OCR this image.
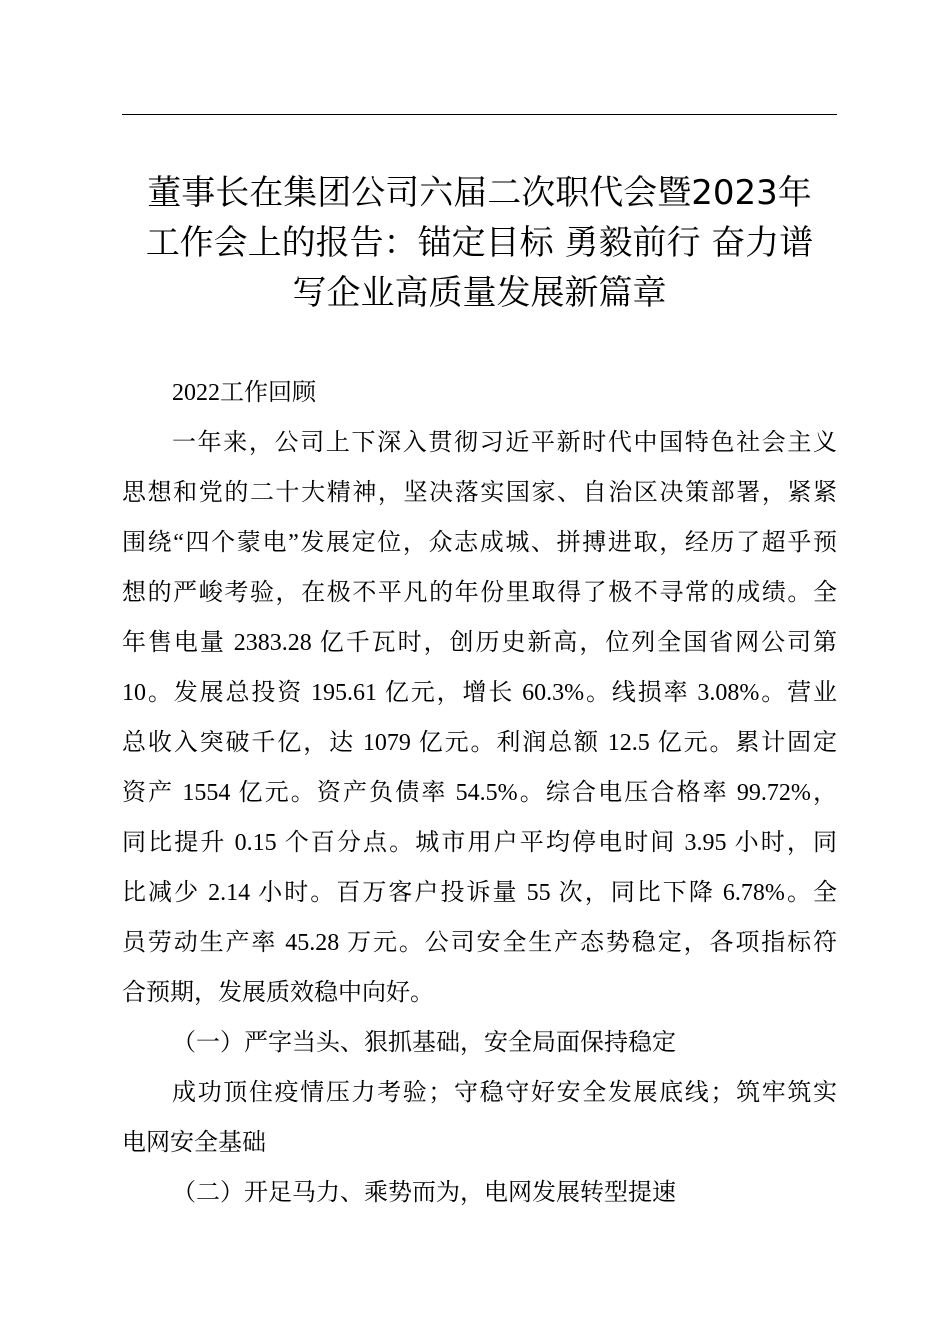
董事长在集团公司六届二次职代会暨2023年
工作会上的报告：锚定目标 勇毅前行 奋力谱
写企业高质量发展新篇章
2022工作回顾
一年来，公司上下深入贯彻习近平新时代中国特色社会主义
思想和党的二十大精神，坚决落实国家、自治区决策部署，紧紧
围绕“四个蒙电”发展定位，众志成城、拼搏进取，经历了超乎预
想的严峻考验，在极不平凡的年份里取得了极不寻常的成绩。全
年售电量 2383.28 亿千瓦时，创历史新高，位列全国省网公司第
10。发展总投资 195.61 亿元，增长 60.3%。线损率 3.08%。营业
总收入突破千亿，达 1079 亿元。利润总额 12.5 亿元。累计固定
资产 1554 亿元。资产负债率 54.5%。综合电压合格率 99.72%，
同比提升 0.15 个百分点。城市用户平均停电时间 3.95 小时，同
比减少 2.14 小时。百万客户投诉量 55 次，同比下降 6.78%。全
员劳动生产率 45.28 万元。公司安全生产态势稳定，各项指标符
合预期，发展质效稳中向好。
（一）严字当头、狠抓基础，安全局面保持稳定
成功顶住疫情压力考验；守稳守好安全发展底线；筑牢筑实
电网安全基础
（二）开足马力、乘势而为，电网发展转型提速
